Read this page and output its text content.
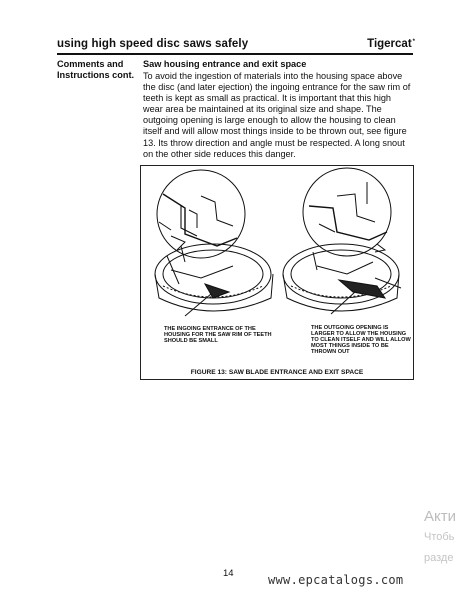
using high speed disc saws safely	Tigercat*
Comments and
Instructions cont.
Saw housing entrance and exit space
To avoid the ingestion of materials into the housing space above the disc (and later ejection) the ingoing entrance for the saw rim of teeth is kept as small as practical. It is important that this high wear area be maintained at its original size and shape. The outgoing opening is large enough to allow the housing to clean itself and will allow most things inside to be thrown out, see figure 13. Its throw direction and angle must be respected. A long snout on the other side reduces this danger.
THE INGOING ENTRANCE OF THE HOUSING FOR THE SAW RIM OF TEETH SHOULD BE SMALL
THE OUTGOING OPENING IS LARGER TO ALLOW THE HOUSING TO CLEAN ITSELF AND WILL ALLOW MOST THINGS INSIDE TO BE THROWN OUT
FIGURE 13: SAW BLADE ENTRANCE AND EXIT SPACE
14	www.epcatalogs.com
Акти
Чтобь
разде
